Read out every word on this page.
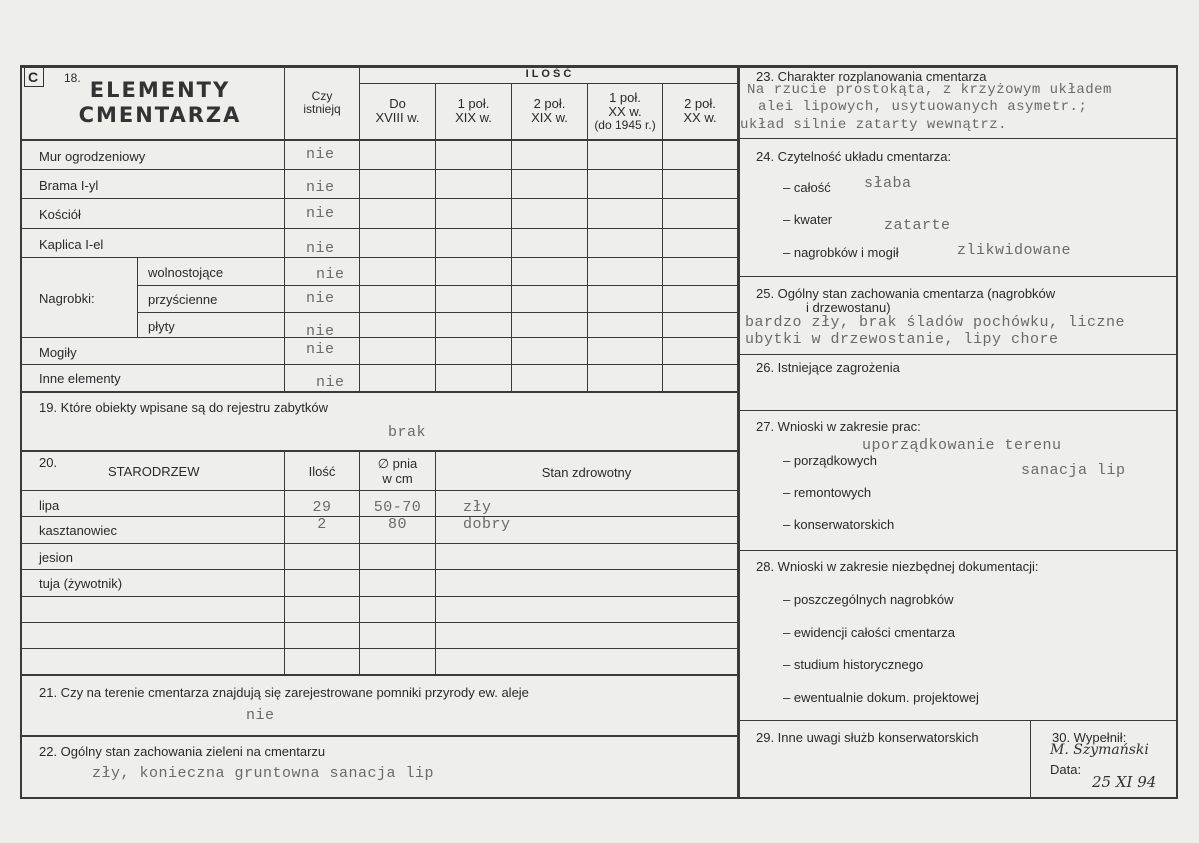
C 18. ELEMENTY
CMENTARZA
Czy
istniejq
I L O Ś Ć
Do
XVIII w.
1 poł.
XIX w.
2 poł.
XIX w.
1 poł.
XX w.
(do 1945 r.)
2 poł.
XX w.
Mur ogrodzeniowy	nie
Brama I-yl	nie
Kościół	nie
Kaplica I-el	nie
Nagrobki:
wolnostojące	nie
przyścienne	nie
płyty	nie
Mogiły	nie
Inne elementy	nie
19. Które obiekty wpisane są do rejestru zabytków
brak
20.
STARODRZEW	Ilość
∅ pnia
w cm	Stan zdrowotny
lipa	29	50-70	zły
kasztanowiec	2	80	dobry
jesion
tuja (żywotnik)
21. Czy na terenie cmentarza znajdują się zarejestrowane pomniki przyrody ew. aleje
nie
22. Ogólny stan zachowania zieleni na cmentarzu
zły, konieczna gruntowna sanacja lip
23. Charakter rozplanowania cmentarza
Na rzucie prostokąta, z krzyżowym układem
alei lipowych, usytuowanych asymetr.;
układ silnie zatarty wewnątrz.
24. Czytelność układu cmentarza:
– całość słaba
– kwater	zatarte
– nagrobków i mogił	zlikwidowane
25. Ogólny stan zachowania cmentarza (nagrobków
i drzewostanu)
bardzo zły, brak śladów pochówku, liczne
ubytki w drzewostanie, lipy chore
26. Istniejące zagrożenia
27. Wnioski w zakresie prac:
uporządkowanie terenu
– porządkowych
sanacja lip
– remontowych
– konserwatorskich
28. Wnioski w zakresie niezbędnej dokumentacji:
– poszczególnych nagrobków
– ewidencji całości cmentarza
– studium historycznego
– ewentualnie dokum. projektowej
29. Inne uwagi służb konserwatorskich	30. Wypełnił:
M. Szymański
Data:
25 XI 94
